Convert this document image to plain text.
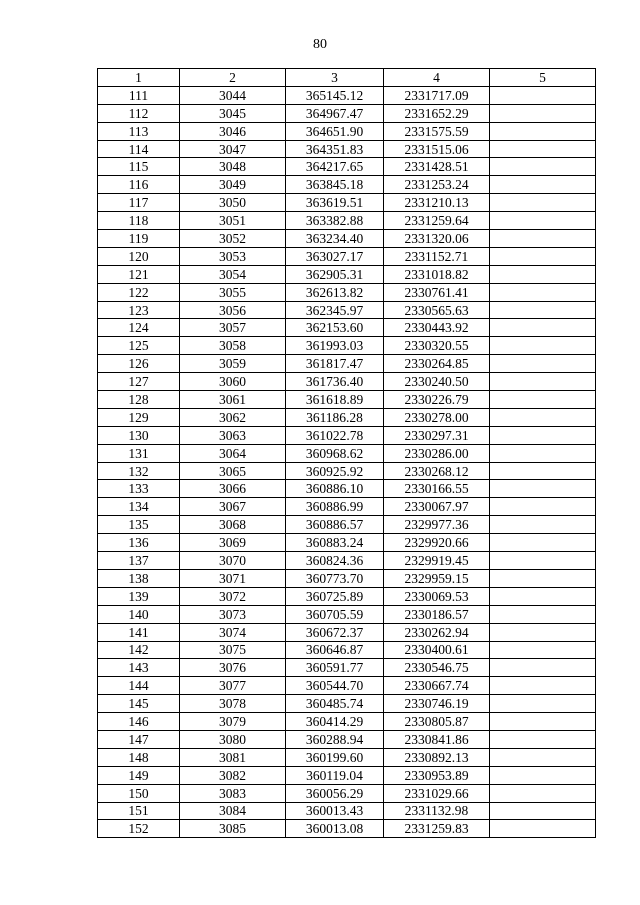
80
1	2	3	4	5
111	3044	365145.12	2331717.09	
112	3045	364967.47	2331652.29	
113	3046	364651.90	2331575.59	
114	3047	364351.83	2331515.06	
115	3048	364217.65	2331428.51	
116	3049	363845.18	2331253.24	
117	3050	363619.51	2331210.13	
118	3051	363382.88	2331259.64	
119	3052	363234.40	2331320.06	
120	3053	363027.17	2331152.71	
121	3054	362905.31	2331018.82	
122	3055	362613.82	2330761.41	
123	3056	362345.97	2330565.63	
124	3057	362153.60	2330443.92	
125	3058	361993.03	2330320.55	
126	3059	361817.47	2330264.85	
127	3060	361736.40	2330240.50	
128	3061	361618.89	2330226.79	
129	3062	361186.28	2330278.00	
130	3063	361022.78	2330297.31	
131	3064	360968.62	2330286.00	
132	3065	360925.92	2330268.12	
133	3066	360886.10	2330166.55	
134	3067	360886.99	2330067.97	
135	3068	360886.57	2329977.36	
136	3069	360883.24	2329920.66	
137	3070	360824.36	2329919.45	
138	3071	360773.70	2329959.15	
139	3072	360725.89	2330069.53	
140	3073	360705.59	2330186.57	
141	3074	360672.37	2330262.94	
142	3075	360646.87	2330400.61	
143	3076	360591.77	2330546.75	
144	3077	360544.70	2330667.74	
145	3078	360485.74	2330746.19	
146	3079	360414.29	2330805.87	
147	3080	360288.94	2330841.86	
148	3081	360199.60	2330892.13	
149	3082	360119.04	2330953.89	
150	3083	360056.29	2331029.66	
151	3084	360013.43	2331132.98	
152	3085	360013.08	2331259.83	
